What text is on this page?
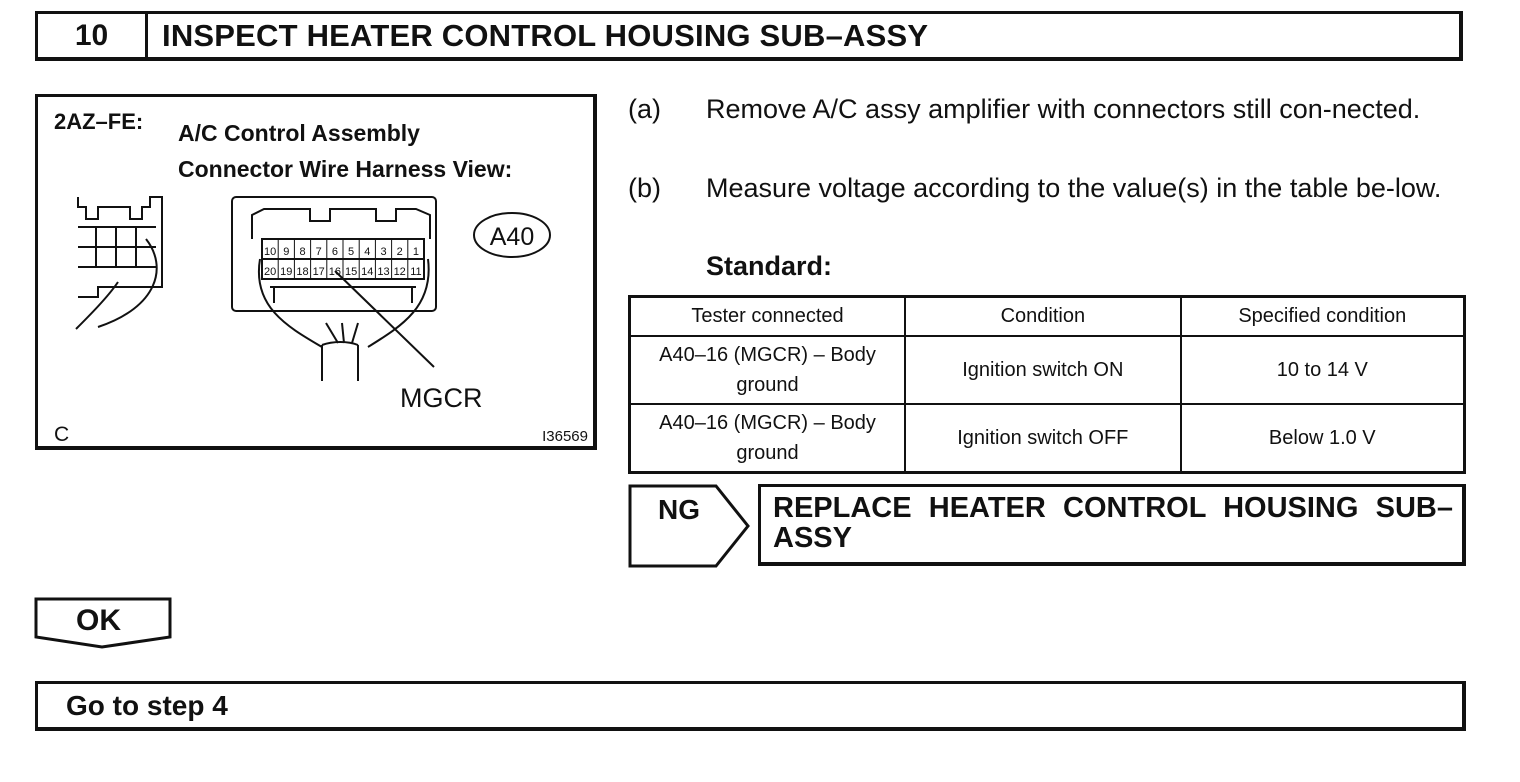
10	INSPECT HEATER CONTROL HOUSING SUB–ASSY
2AZ–FE: A/C Control Assembly
Connector Wire Harness View:
10 9 8 7 6 5 4 3 2 1
20 19 18 17 16 15 14 13 12 11
A40
MGCR
C	I36569
(a) Remove A/C assy amplifier with connectors still con-nected.
(b) Measure voltage according to the value(s) in the table be-low.
Standard:
Tester connected	Condition	Specified condition
A40–16 (MGCR) – Body ground	Ignition switch ON	10 to 14 V
A40–16 (MGCR) – Body ground	Ignition switch OFF	Below 1.0 V
NG	REPLACE HEATER CONTROL HOUSING SUB–ASSY
OK
Go to step 4
